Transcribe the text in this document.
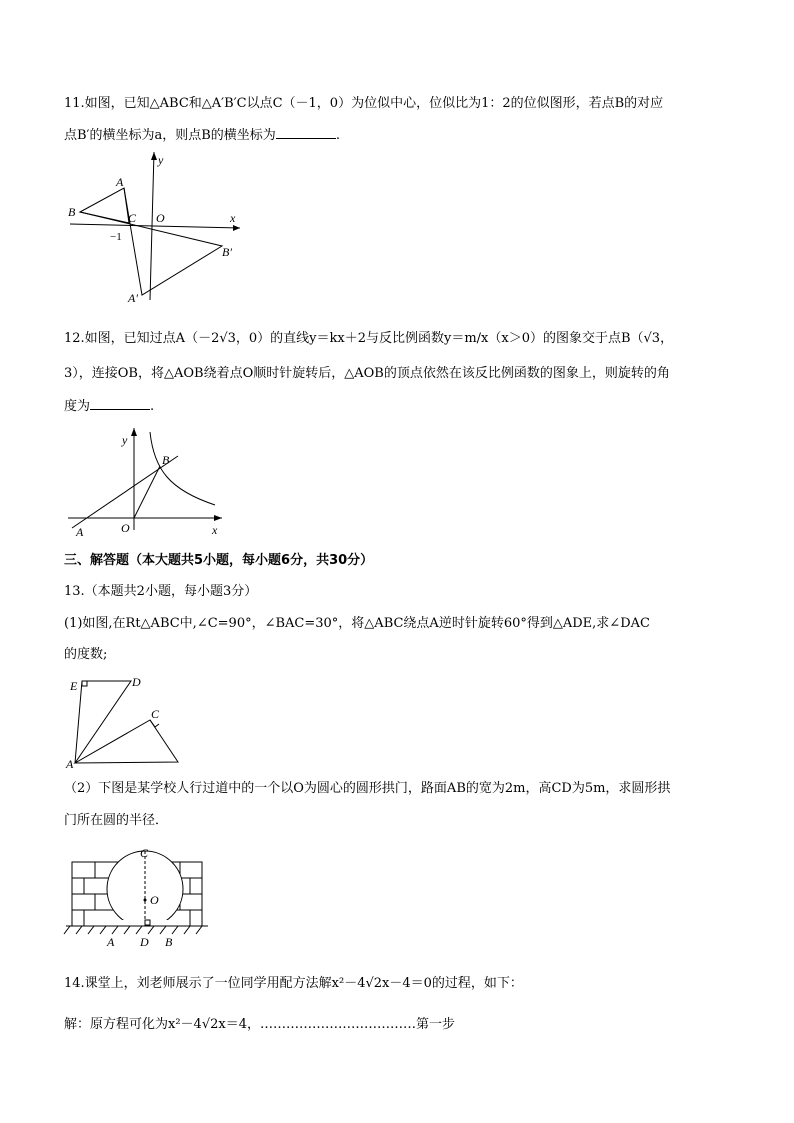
11.如图，已知△ABC和△A′B′C以点C（－1，0）为位似中心，位似比为1：2的位似图形，若点B的对应
点B′的横坐标为a，则点B的横坐标为	.
A
B	C O
−1
x
y
B′
A′
12.如图，已知过点A（－2√3，0）的直线y＝kx＋2与反比例函数y＝m/x（x＞0）的图象交于点B（√3，
3），连接OB，将△AOB绕着点O顺时针旋转后，△AOB的顶点依然在该反比例函数的图象上，则旋转的角
度为	.
y
B
A	O	x
三、解答题（本大题共5小题，每小题6分，共30分）
13.（本题共2小题，每小题3分）
(1)如图,在Rt△ABC中,∠C=90°，∠BAC=30°，将△ABC绕点A逆时针旋转60°得到△ADE,求∠DAC
的度数;
E	D
C
A
（2）下图是某学校人行过道中的一个以O为圆心的圆形拱门，路面AB的宽为2m，高CD为5m，求圆形拱
门所在圆的半径．
C
O
A D B
14.课堂上，刘老师展示了一位同学用配方法解x²－4√2x－4＝0的过程，如下：
解：原方程可化为x²－4√2x＝4，………………………………第一步
